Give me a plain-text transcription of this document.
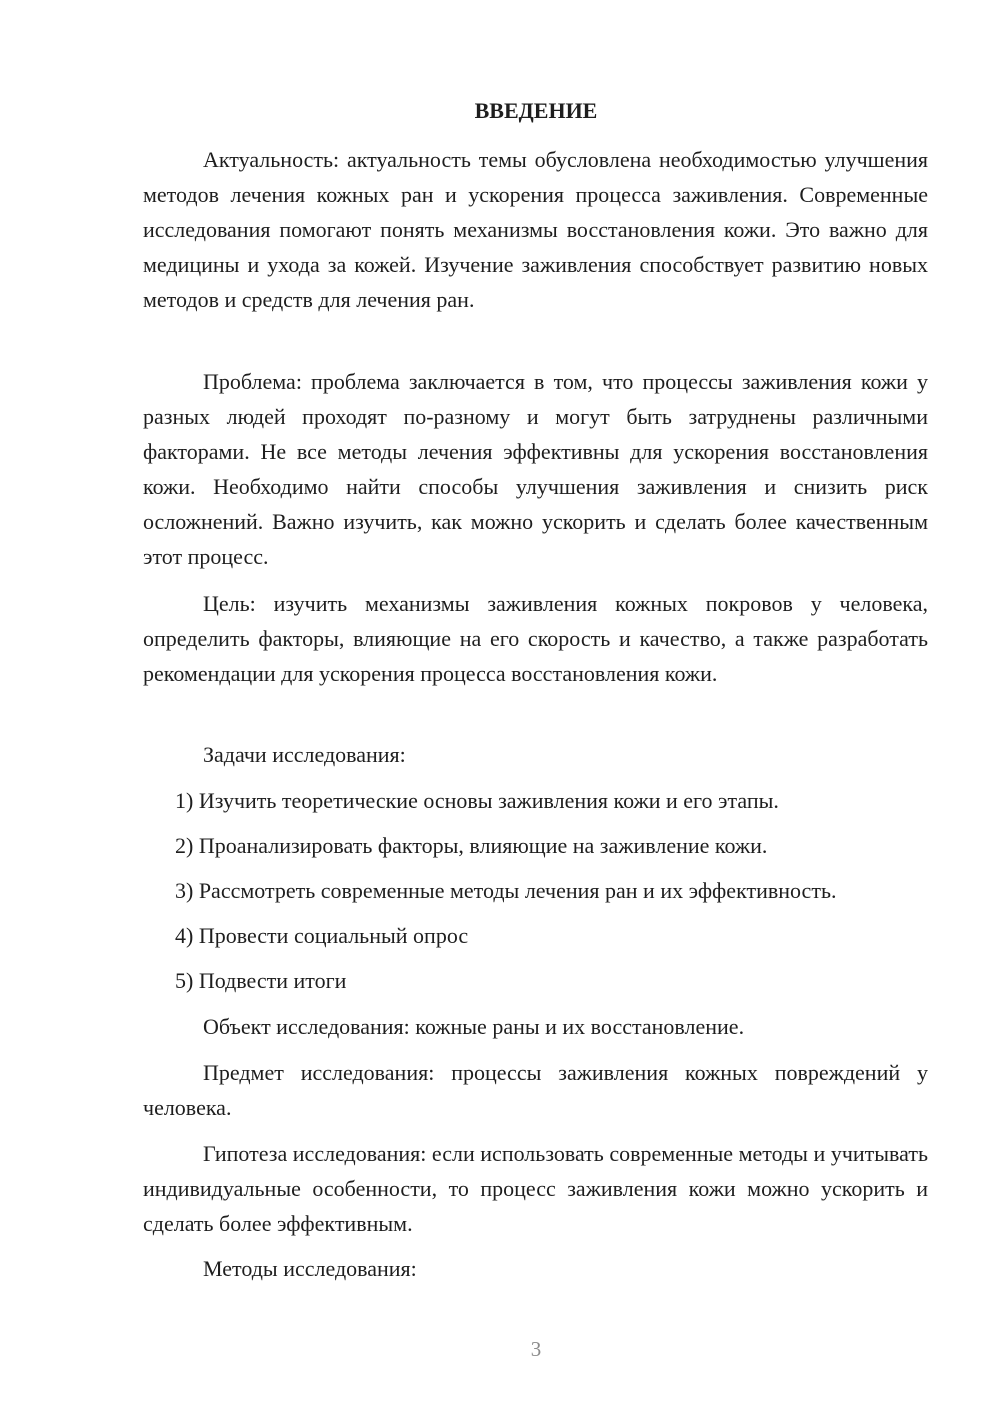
ВВЕДЕНИЕ

Актуальность: актуальность темы обусловлена необходимостью улучшения методов лечения кожных ран и ускорения процесса заживления. Современные исследования помогают понять механизмы восстановления кожи. Это важно для медицины и ухода за кожей. Изучение заживления способствует развитию новых методов и средств для лечения ран.

Проблема: проблема заключается в том, что процессы заживления кожи у разных людей проходят по-разному и могут быть затруднены различными факторами. Не все методы лечения эффективны для ускорения восстановления кожи. Необходимо найти способы улучшения заживления и снизить риск осложнений. Важно изучить, как можно ускорить и сделать более качественным этот процесс.

Цель: изучить механизмы заживления кожных покровов у человека, определить факторы, влияющие на его скорость и качество, а также разработать рекомендации для ускорения процесса восстановления кожи.

Задачи исследования:

1) Изучить теоретические основы заживления кожи и его этапы.
2) Проанализировать факторы, влияющие на заживление кожи.
3) Рассмотреть современные методы лечения ран и их эффективность.
4) Провести социальный опрос
5) Подвести итоги

Объект исследования: кожные раны и их восстановление.

Предмет исследования: процессы заживления кожных повреждений у человека.

Гипотеза исследования: если использовать современные методы и учитывать индивидуальные особенности, то процесс заживления кожи можно ускорить и сделать более эффективным.

Методы исследования:

3
